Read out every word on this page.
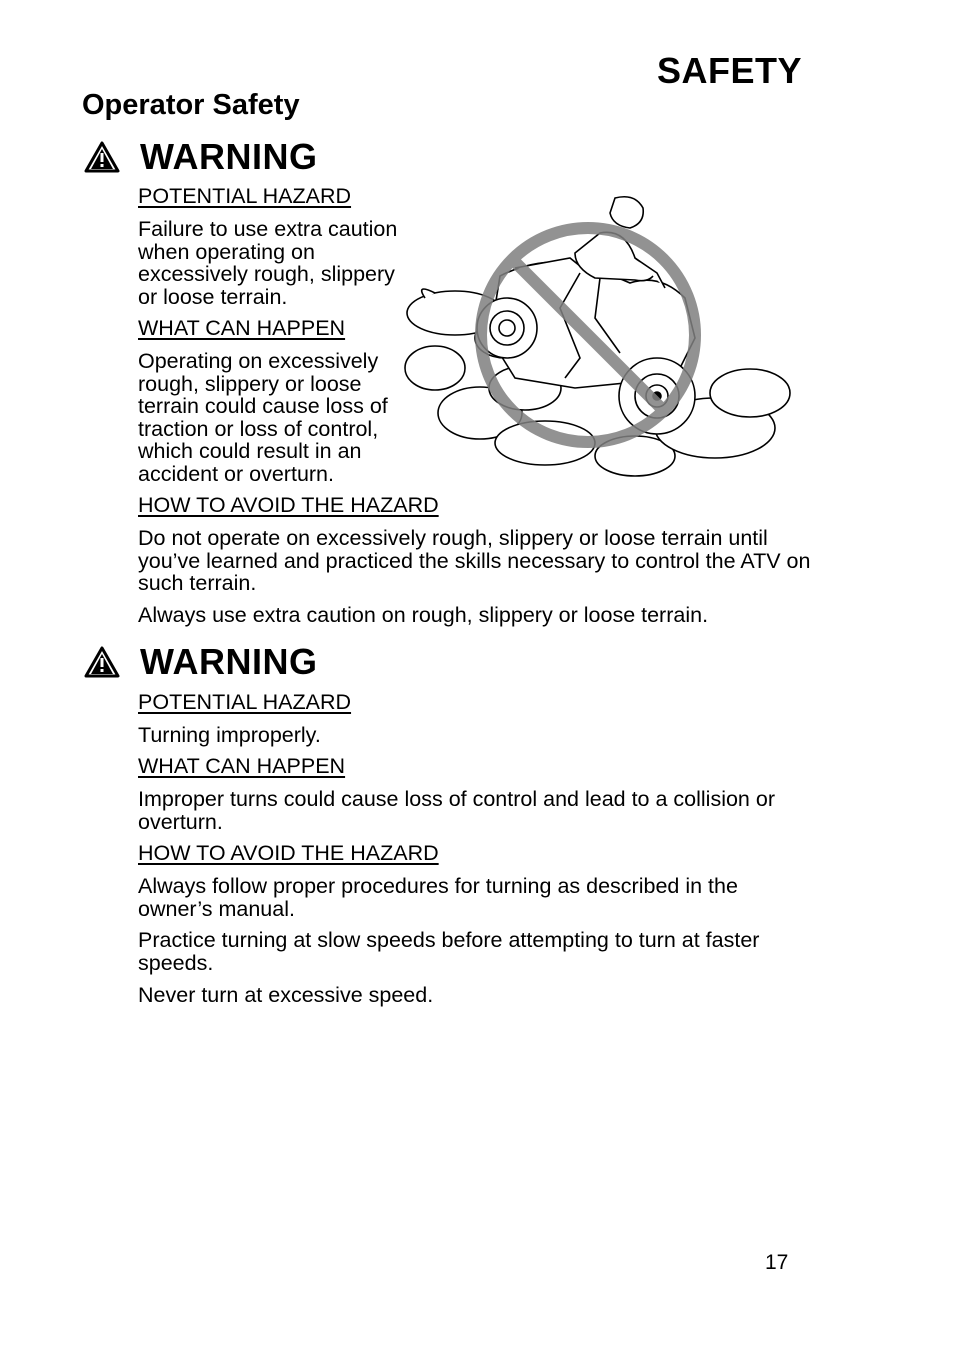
SAFETY
Operator Safety
WARNING
POTENTIAL HAZARD
Failure to use extra caution when operating on excessively rough, slippery or loose terrain.
WHAT CAN HAPPEN
Operating on excessively rough, slippery or loose terrain could cause loss of traction or loss of control, which could result in an accident or overturn.
HOW TO AVOID THE HAZARD
Do not operate on excessively rough, slippery or loose terrain until you’ve learned and practiced the skills necessary to control the ATV on such terrain.
Always use extra caution on rough, slippery or loose terrain.
WARNING
POTENTIAL HAZARD
Turning improperly.
WHAT CAN HAPPEN
Improper turns could cause loss of control and lead to a collision or overturn.
HOW TO AVOID THE HAZARD
Always follow proper procedures for turning as described in the owner’s manual.
Practice turning at slow speeds before attempting to turn at faster speeds.
Never turn at excessive speed.
17
